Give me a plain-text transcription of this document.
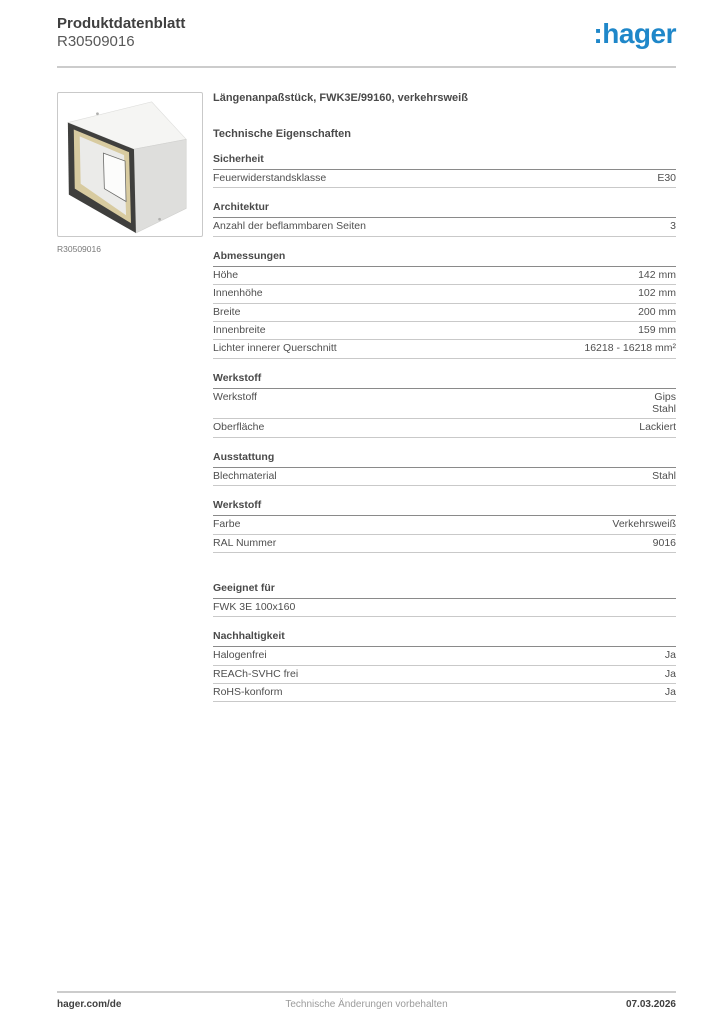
Produktdatenblatt
R30509016	:hager
R30509016
Längenanpaßstück, FWK3E/99160, verkehrsweiß
Technische Eigenschaften
Sicherheit
Feuerwiderstandsklasse	E30
Architektur
Anzahl der beflammbaren Seiten	3
Abmessungen
Höhe	142 mm
Innenhöhe	102 mm
Breite	200 mm
Innenbreite	159 mm
Lichter innerer Querschnitt	16218 - 16218 mm²
Werkstoff
Werkstoff	Gips
Stahl
Oberfläche	Lackiert
Ausstattung
Blechmaterial	Stahl
Werkstoff
Farbe	Verkehrsweiß
RAL Nummer	9016
Geeignet für
FWK 3E 100x160
Nachhaltigkeit
Halogenfrei	Ja
REACh-SVHC frei	Ja
RoHS-konform	Ja
Technische Änderungen vorbehalten
hager.com/de	07.03.2026
